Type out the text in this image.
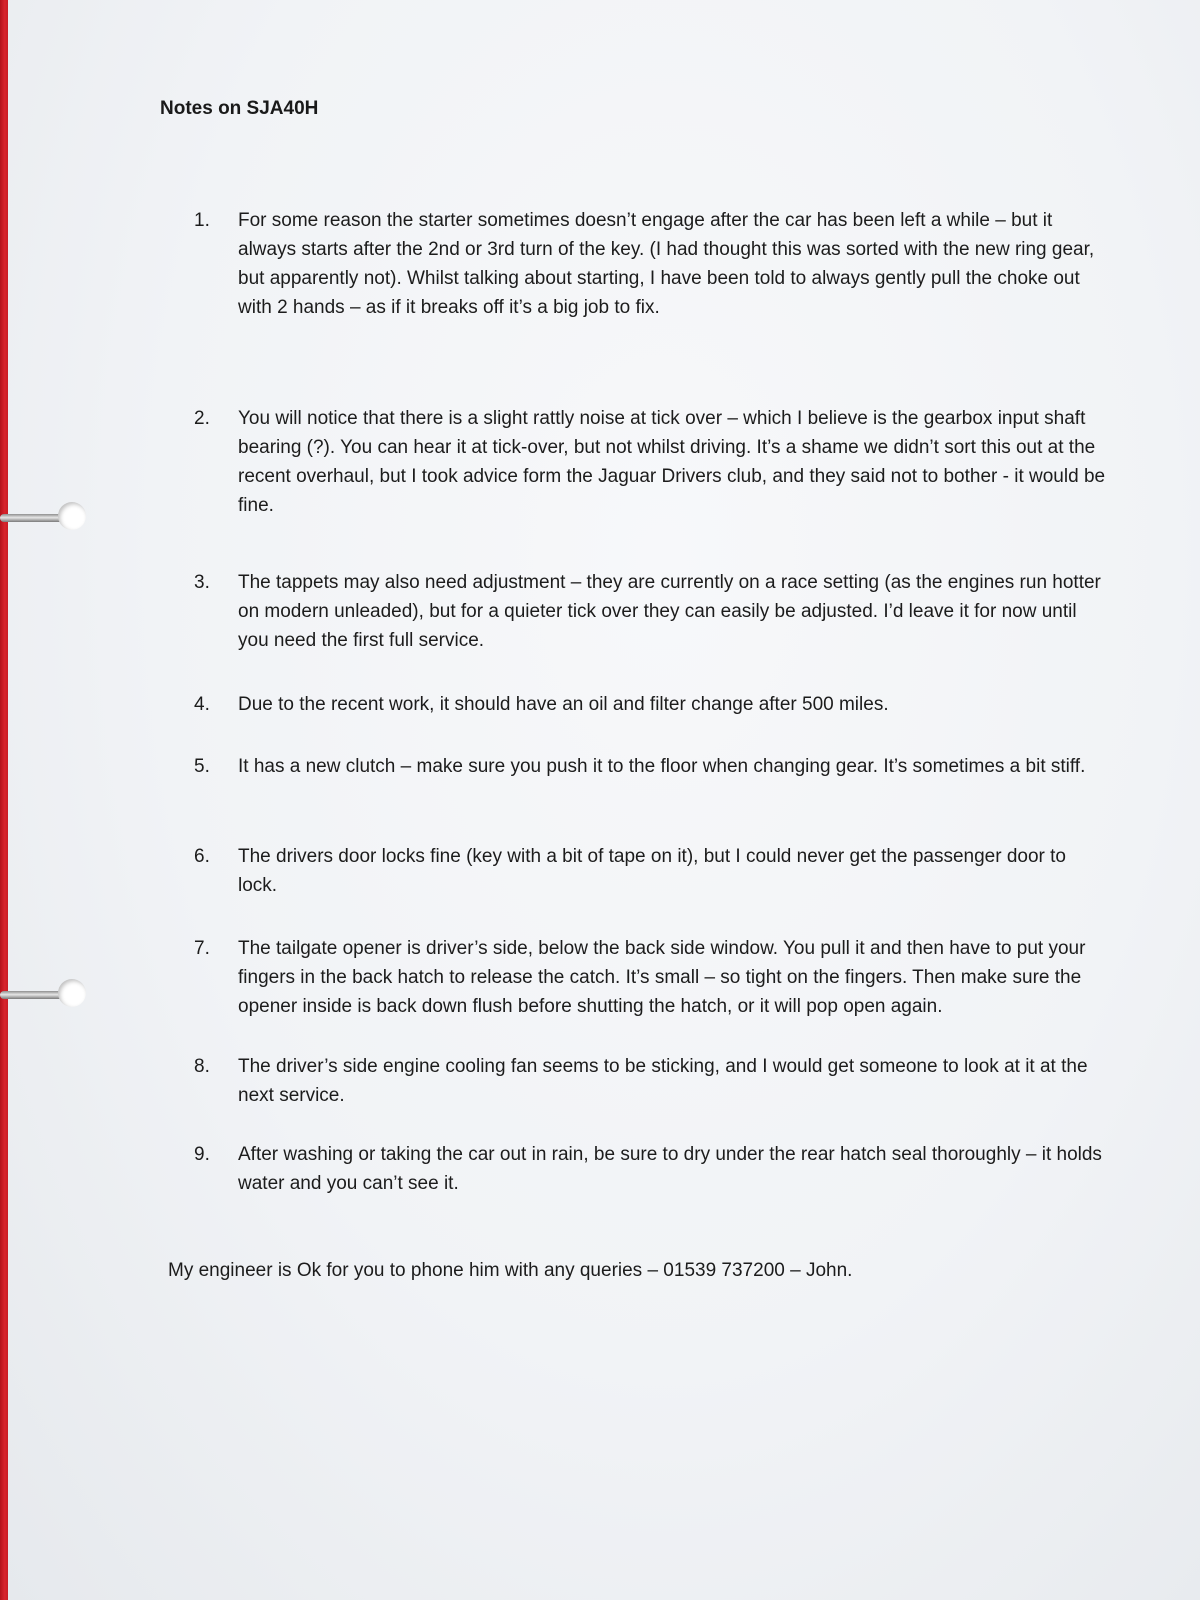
Notes on SJA40H
1.	For some reason the starter sometimes doesn’t engage after the car has been left a while – but it always starts after the 2nd or 3rd turn of the key. (I had thought this was sorted with the new ring gear, but apparently not). Whilst talking about starting, I have been told to always gently pull the choke out with 2 hands – as if it breaks off it’s a big job to fix.
2.	You will notice that there is a slight rattly noise at tick over – which I believe is the gearbox input shaft bearing (?). You can hear it at tick-over, but not whilst driving. It’s a shame we didn’t sort this out at the recent overhaul, but I took advice form the Jaguar Drivers club, and they said not to bother - it would be fine.
3.	The tappets may also need adjustment – they are currently on a race setting (as the engines run hotter on modern unleaded), but for a quieter tick over they can easily be adjusted. I’d leave it for now until you need the first full service.
4.	Due to the recent work, it should have an oil and filter change after 500 miles.
5.	It has a new clutch – make sure you push it to the floor when changing gear. It’s sometimes a bit stiff.
6.	The drivers door locks fine (key with a bit of tape on it), but I could never get the passenger door to lock.
7.	The tailgate opener is driver’s side, below the back side window. You pull it and then have to put your fingers in the back hatch to release the catch. It’s small – so tight on the fingers. Then make sure the opener inside is back down flush before shutting the hatch, or it will pop open again.
8.	The driver’s side engine cooling fan seems to be sticking, and I would get someone to look at it at the next service.
9.	After washing or taking the car out in rain, be sure to dry under the rear hatch seal thoroughly – it holds water and you can’t see it.
My engineer is Ok for you to phone him with any queries – 01539 737200 – John.
